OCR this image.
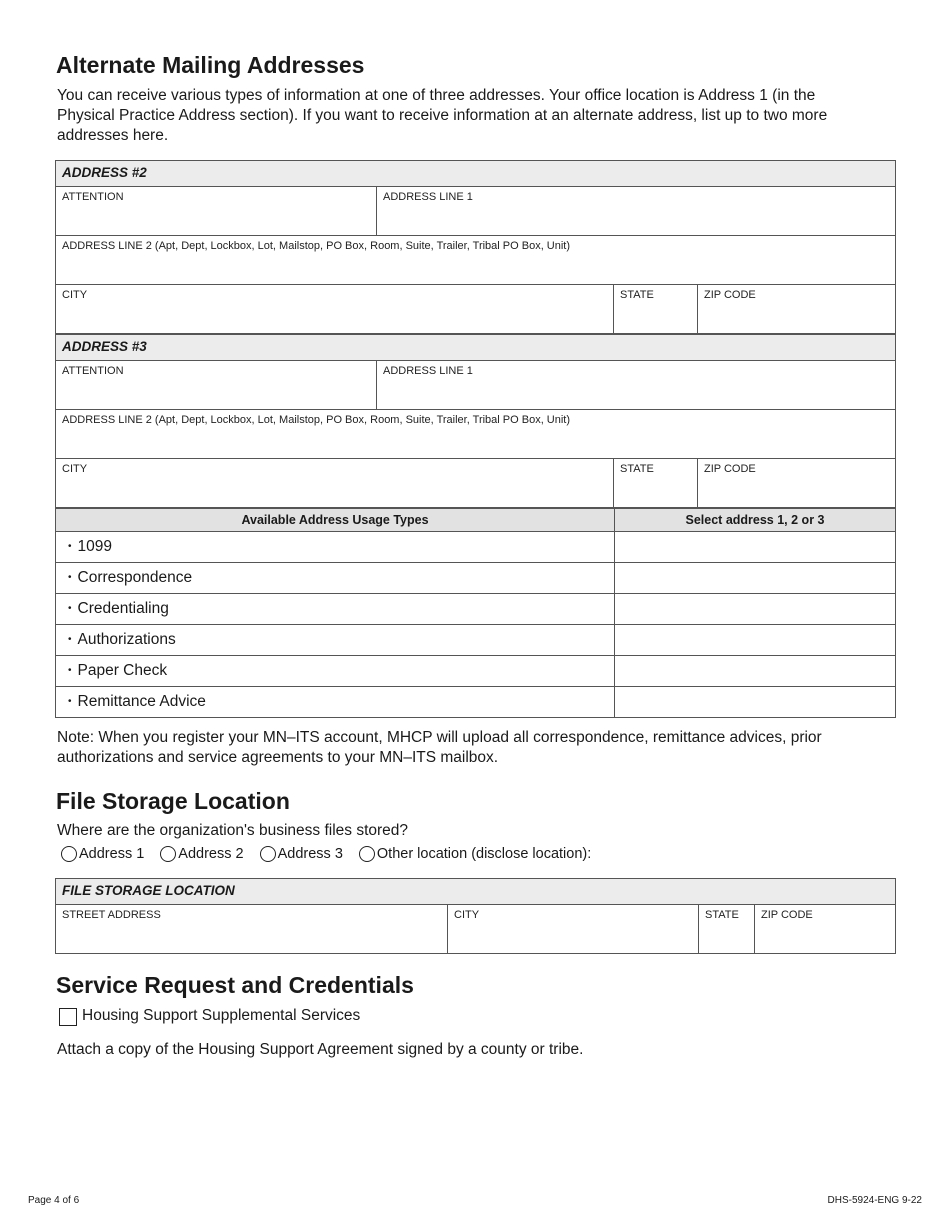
Alternate Mailing Addresses
You can receive various types of information at one of three addresses. Your office location is Address 1 (in the Physical Practice Address section). If you want to receive information at an alternate address, list up to two more addresses here.
ADDRESS #2			

ATTENTION	ADDRESS LINE 1		

ADDRESS LINE 2 (Apt, Dept, Lockbox, Lot, Mailstop, PO Box, Room, Suite, Trailer, Tribal PO Box, Unit)			

CITY		STATE	ZIP CODE
ADDRESS #3			

ATTENTION	ADDRESS LINE 1		

ADDRESS LINE 2 (Apt, Dept, Lockbox, Lot, Mailstop, PO Box, Room, Suite, Trailer, Tribal PO Box, Unit)			

CITY		STATE	ZIP CODE
Available Address Usage Types	Select address 1, 2 or 3
• 1099	

• Correspondence	

• Credentialing	

• Authorizations	

• Paper Check	

• Remittance Advice	
Note: When you register your MN–ITS account, MHCP will upload all correspondence, remittance advices, prior authorizations and service agreements to your MN–ITS mailbox.
File Storage Location
Where are the organization's business files stored?
Address 1 Address 2 Address 3 Other location (disclose location):
FILE STORAGE LOCATION

STREET ADDRESS	CITY	STATE	ZIP CODE
Service Request and Credentials
Housing Support Supplemental Services
Attach a copy of the Housing Support Agreement signed by a county or tribe.
Page 4 of 6	DHS-5924-ENG 9-22
